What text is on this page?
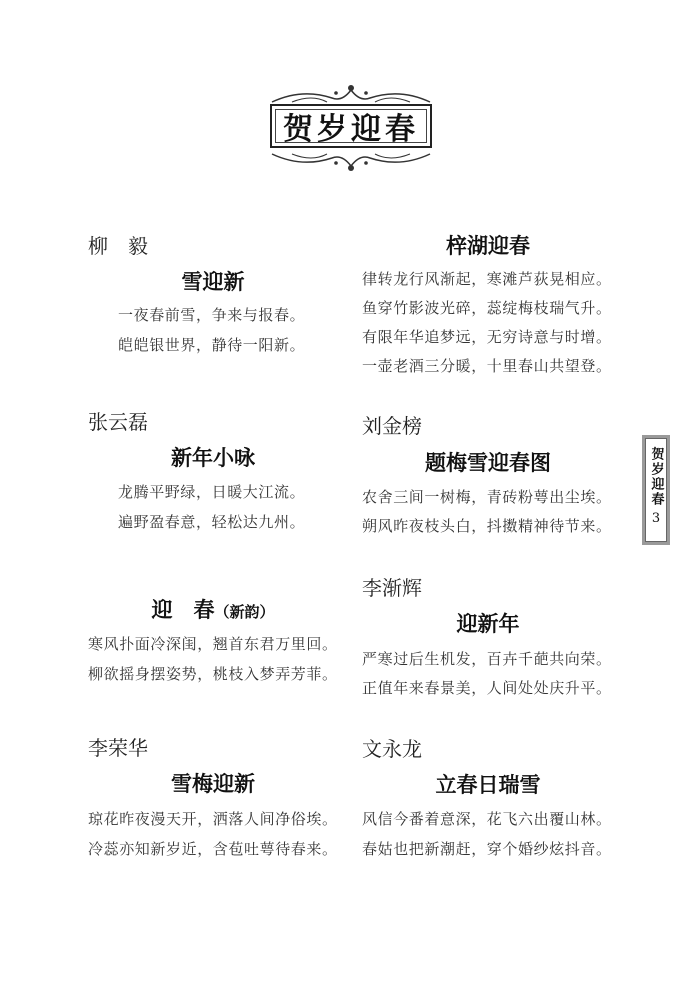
贺岁迎春
柳　毅
雪迎新
一夜春前雪，争来与报春。
皑皑银世界，静待一阳新。
张云磊
新年小咏
龙腾平野绿，日暖大江流。
遍野盈春意，轻松达九州。
迎　春（新韵）
寒风扑面冷深闺，翘首东君万里回。
柳欲摇身摆姿势，桃枝入梦弄芳菲。
李荣华
雪梅迎新
琼花昨夜漫天开，洒落人间净俗埃。
冷蕊亦知新岁近，含苞吐萼待春来。
梓湖迎春
律转龙行风渐起，寒滩芦荻晃相应。
鱼穿竹影波光碎，蕊绽梅枝瑞气升。
有限年华追梦远，无穷诗意与时增。
一壶老酒三分暖，十里春山共望登。
刘金榜
题梅雪迎春图
农舍三间一树梅，青砖粉萼出尘埃。
朔风昨夜枝头白，抖擞精神待节来。
李渐辉
迎新年
严寒过后生机发，百卉千葩共向荣。
正值年来春景美，人间处处庆升平。
文永龙
立春日瑞雪
风信今番着意深，花飞六出覆山林。
春姑也把新潮赶，穿个婚纱炫抖音。
贺岁迎春
3
